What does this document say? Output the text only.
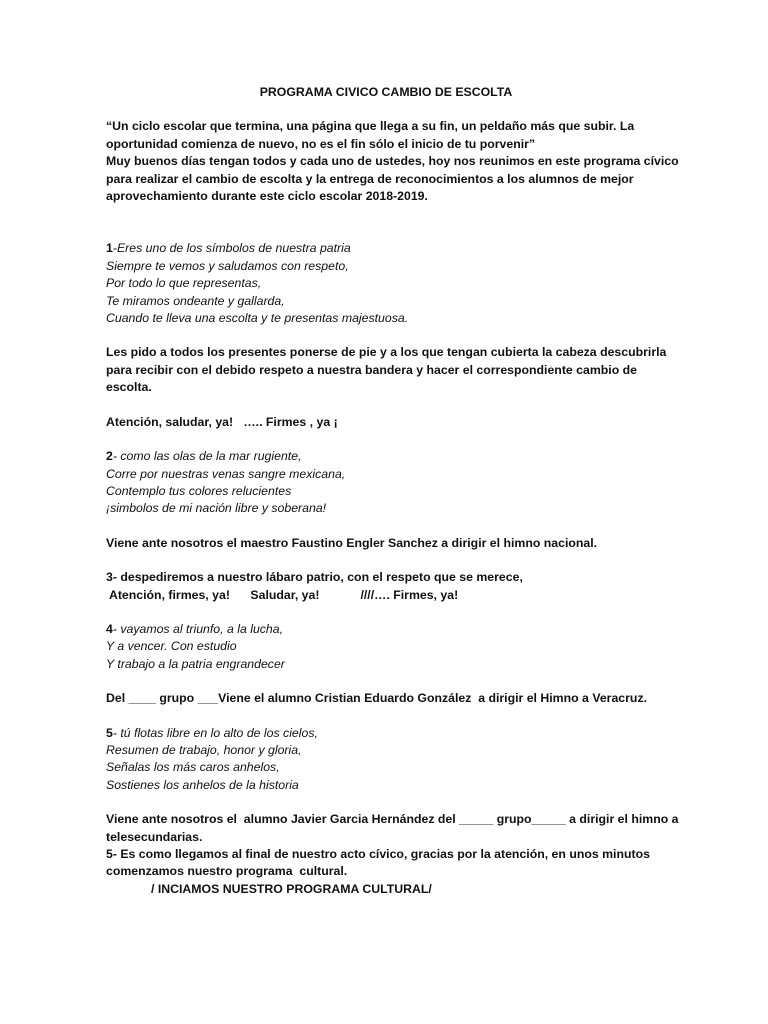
PROGRAMA CIVICO CAMBIO DE ESCOLTA

“Un ciclo escolar que termina, una página que llega a su fin, un peldaño más que subir. La
oportunidad comienza de nuevo, no es el fin sólo el inicio de tu porvenir”
Muy buenos días tengan todos y cada uno de ustedes, hoy nos reunimos en este programa cívico
para realizar el cambio de escolta y la entrega de reconocimientos a los alumnos de mejor
aprovechamiento durante este ciclo escolar 2018-2019.
1-Eres uno de los símbolos de nuestra patria
Siempre te vemos y saludamos con respeto,
Por todo lo que representas,
Te miramos ondeante y gallarda,
Cuando te lleva una escolta y te presentas majestuosa.
Les pido a todos los presentes ponerse de pie y a los que tengan cubierta la cabeza descubrirla
para recibir con el debido respeto a nuestra bandera y hacer el correspondiente cambio de
escolta.
Atención, saludar, ya!   ….. Firmes , ya ¡
2- como las olas de la mar rugiente,
Corre por nuestras venas sangre mexicana,
Contemplo tus colores relucientes
¡simbolos de mi nación libre y soberana!
Viene ante nosotros el maestro Faustino Engler Sanchez a dirigir el himno nacional.
3- despediremos a nuestro lábaro patrio, con el respeto que se merece,
Atención, firmes, ya!      Saludar, ya!            ////…. Firmes, ya!
4- vayamos al triunfo, a la lucha,
Y a vencer. Con estudio
Y trabajo a la patria engrandecer
Del ____ grupo ___Viene el alumno Cristian Eduardo González  a dirigir el Himno a Veracruz.
5- tú flotas libre en lo alto de los cielos,
Resumen de trabajo, honor y gloria,
Señalas los más caros anhelos,
Sostienes los anhelos de la historia
Viene ante nosotros el  alumno Javier Garcia Hernández del _____ grupo_____ a dirigir el himno a
telesecundarias.
5- Es como llegamos al final de nuestro acto cívico, gracias por la atención, en unos minutos
comenzamos nuestro programa  cultural.
/ INCIAMOS NUESTRO PROGRAMA CULTURAL/
